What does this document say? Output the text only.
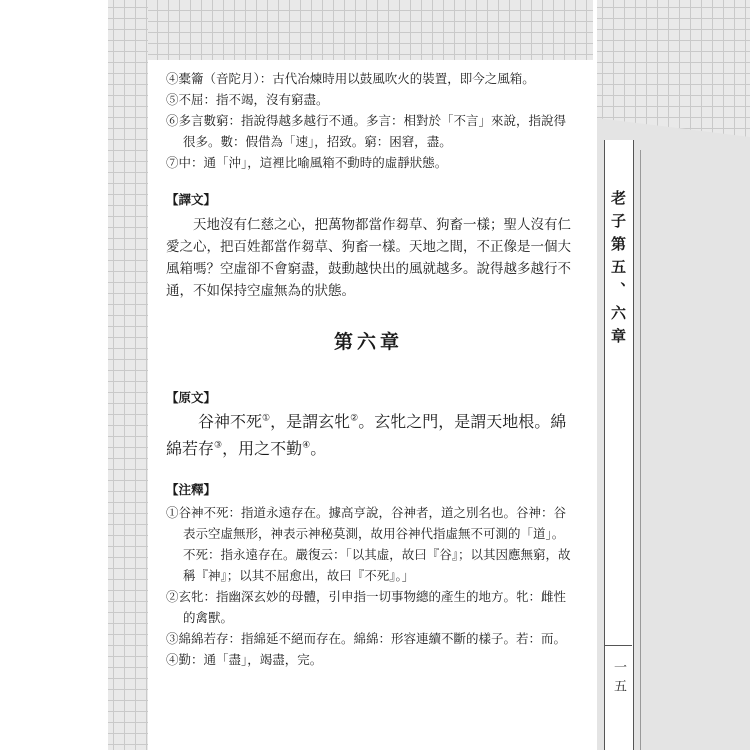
老子第五、六章
一五
④橐籥（音陀月）：古代冶煉時用以鼓風吹火的裝置，即今之風箱。
⑤不屈：指不竭，沒有窮盡。
⑥多言數窮：指說得越多越行不通。多言：相對於「不言」來說，指說得很多。數：假借為「速」，招致。窮：困窘，盡。
⑦中：通「沖」，這裡比喻風箱不動時的虛靜狀態。
【譯文】
天地沒有仁慈之心，把萬物都當作芻草、狗畜一樣；聖人沒有仁愛之心，把百姓都當作芻草、狗畜一樣。天地之間，不正像是一個大風箱嗎？空虛卻不會窮盡，鼓動越快出的風就越多。說得越多越行不通，不如保持空虛無為的狀態。
第六章
【原文】
谷神不死①，是謂玄牝②。玄牝之門，是謂天地根。綿綿若存③，用之不勤④。
【注釋】
①谷神不死：指道永遠存在。據高亨說，谷神者，道之別名也。谷神：谷表示空虛無形，神表示神秘莫測，故用谷神代指虛無不可測的「道」。不死：指永遠存在。嚴復云：「以其虛，故曰『谷』；以其因應無窮，故稱『神』；以其不屈愈出，故曰『不死』。」
②玄牝：指幽深玄妙的母體，引申指一切事物總的產生的地方。牝：雌性的禽獸。
③綿綿若存：指綿延不絕而存在。綿綿：形容連續不斷的樣子。若：而。
④勤：通「盡」，竭盡，完。
